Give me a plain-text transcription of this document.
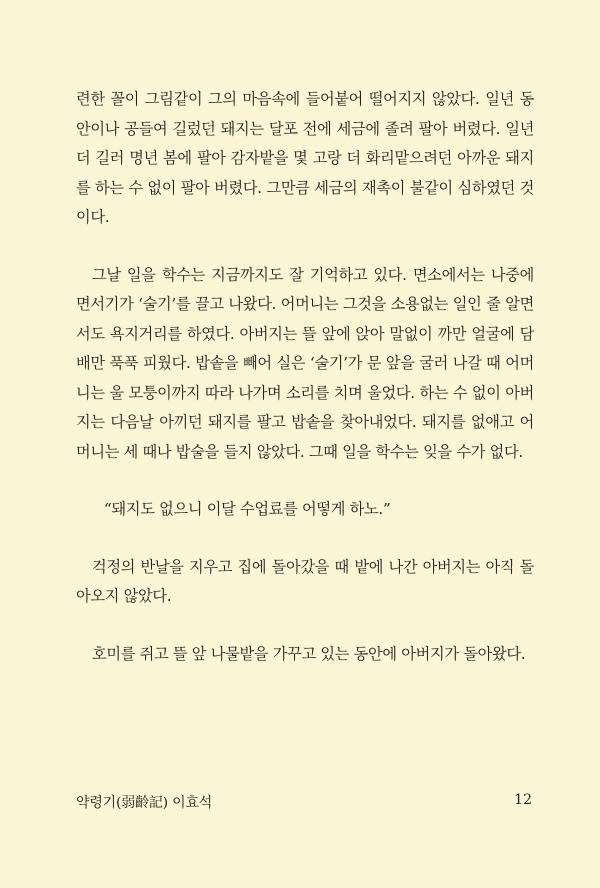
련한 꼴이 그림같이 그의 마음속에 들어붙어 떨어지지 않았다. 일년 동안이나 공들여 길렀던 돼지는 달포 전에 세금에 졸려 팔아 버렸다. 일년 더 길러 명년 봄에 팔아 감자밭을 몇 고랑 더 화리맡으려던 아까운 돼지를 하는 수 없이 팔아 버렸다. 그만큼 세금의 재촉이 불같이 심하였던 것이다.

그날 일을 학수는 지금까지도 잘 기억하고 있다. 면소에서는 나중에 면서기가 ‘술기’를 끌고 나왔다. 어머니는 그것을 소용없는 일인 줄 알면서도 욕지거리를 하였다. 아버지는 뜰 앞에 앉아 말없이 까만 얼굴에 담배만 푹푹 피웠다. 밥솥을 빼어 실은 ‘술기’가 문 앞을 굴러 나갈 때 어머니는 울 모퉁이까지 따라 나가며 소리를 치며 울었다. 하는 수 없이 아버지는 다음날 아끼던 돼지를 팔고 밥솥을 찾아내었다. 돼지를 없애고 어머니는 세 때나 밥술을 들지 않았다. 그때 일을 학수는 잊을 수가 없다.

“돼지도 없으니 이달 수업료를 어떻게 하노.”

걱정의 반날을 지우고 집에 돌아갔을 때 밭에 나간 아버지는 아직 돌아오지 않았다.

호미를 쥐고 뜰 앞 나물밭을 가꾸고 있는 동안에 아버지가 돌아왔다.

약령기(弱齡記) 이효석	12
